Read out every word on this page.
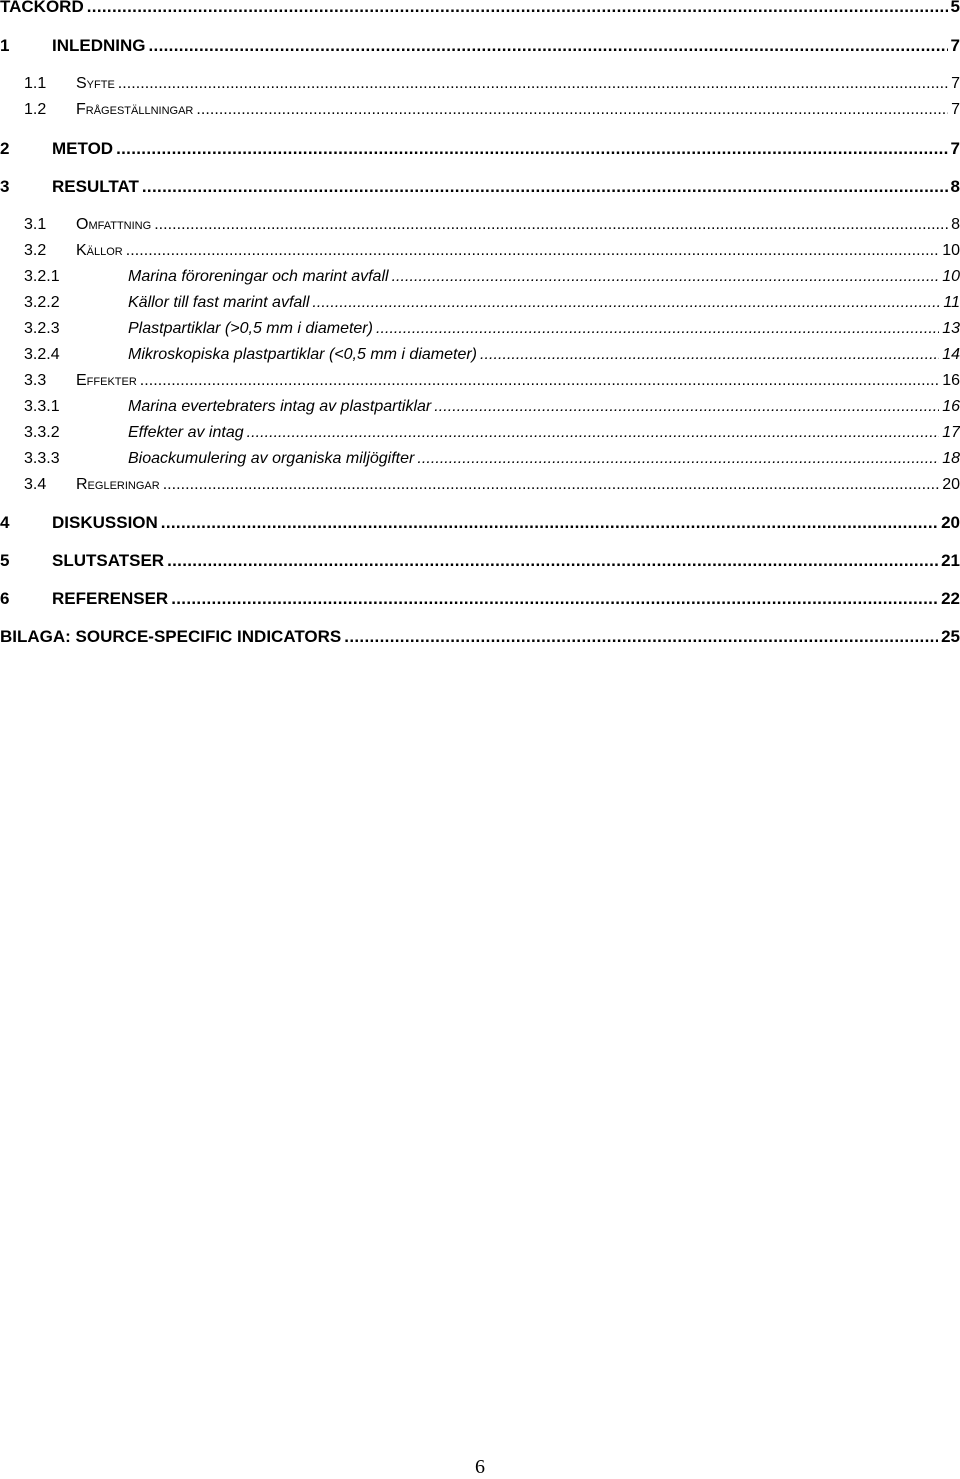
TACKORD . . .	5
1	INLEDNING . . .	7
1.1	Syfte . . .	7
1.2	Frågeställningar . . .	7
2	METOD . . .	7
3	RESULTAT . . .	8
3.1	Omfattning . . .	8
3.2	Källor . . .	10
3.2.1	Marina föroreningar och marint avfall . . .	10
3.2.2	Källor till fast marint avfall . . .	11
3.2.3	Plastpartiklar (>0,5 mm i diameter) . . .	13
3.2.4	Mikroskopiska plastpartiklar (<0,5 mm i diameter) . . .	14
3.3	Effekter . . .	16
3.3.1	Marina evertebraters intag av plastpartiklar . . .	16
3.3.2	Effekter av intag . . .	17
3.3.3	Bioackumulering av organiska miljögifter . . .	18
3.4	Regleringar . . .	20
4	DISKUSSION . . .	20
5	SLUTSATSER . . .	21
6	REFERENSER . . .	22
BILAGA: SOURCE-SPECIFIC INDICATORS . . .	25
6
